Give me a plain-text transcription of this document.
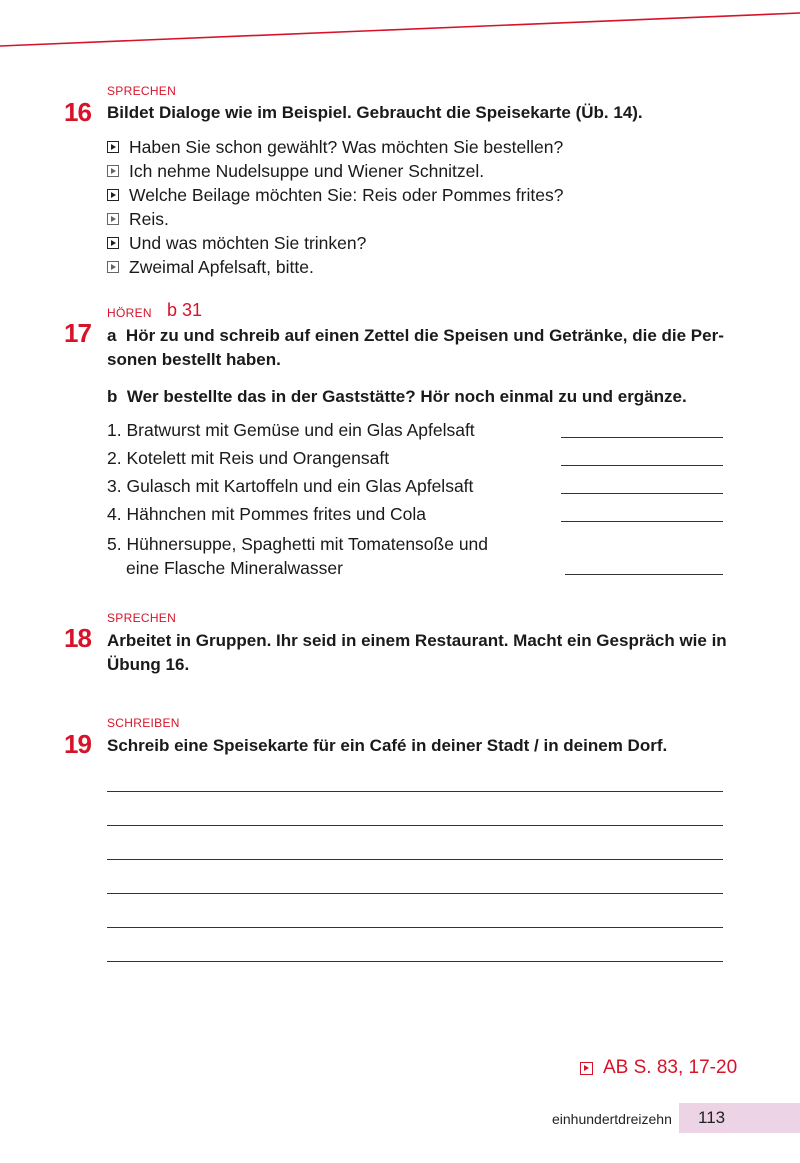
SPRECHEN
16 Bildet Dialoge wie im Beispiel. Gebraucht die Speisekarte (Üb. 14).
Haben Sie schon gewählt? Was möchten Sie bestellen?
Ich nehme Nudelsuppe und Wiener Schnitzel.
Welche Beilage möchten Sie: Reis oder Pommes frites?
Reis.
Und was möchten Sie trinken?
Zweimal Apfelsaft, bitte.
HÖREN b 31
17 a Hör zu und schreib auf einen Zettel die Speisen und Getränke, die die Per-
sonen bestellt haben.
b Wer bestellte das in der Gaststätte? Hör noch einmal zu und ergänze.
1. Bratwurst mit Gemüse und ein Glas Apfelsaft
2. Kotelett mit Reis und Orangensaft
3. Gulasch mit Kartoffeln und ein Glas Apfelsaft
4. Hähnchen mit Pommes frites und Cola
5. Hühnersuppe, Spaghetti mit Tomatensoße und
eine Flasche Mineralwasser
SPRECHEN
18 Arbeitet in Gruppen. Ihr seid in einem Restaurant. Macht ein Gespräch wie in
Übung 16.
SCHREIBEN
19 Schreib eine Speisekarte für ein Café in deiner Stadt / in deinem Dorf.
AB S. 83, 17-20
einhundertdreizehn 113
